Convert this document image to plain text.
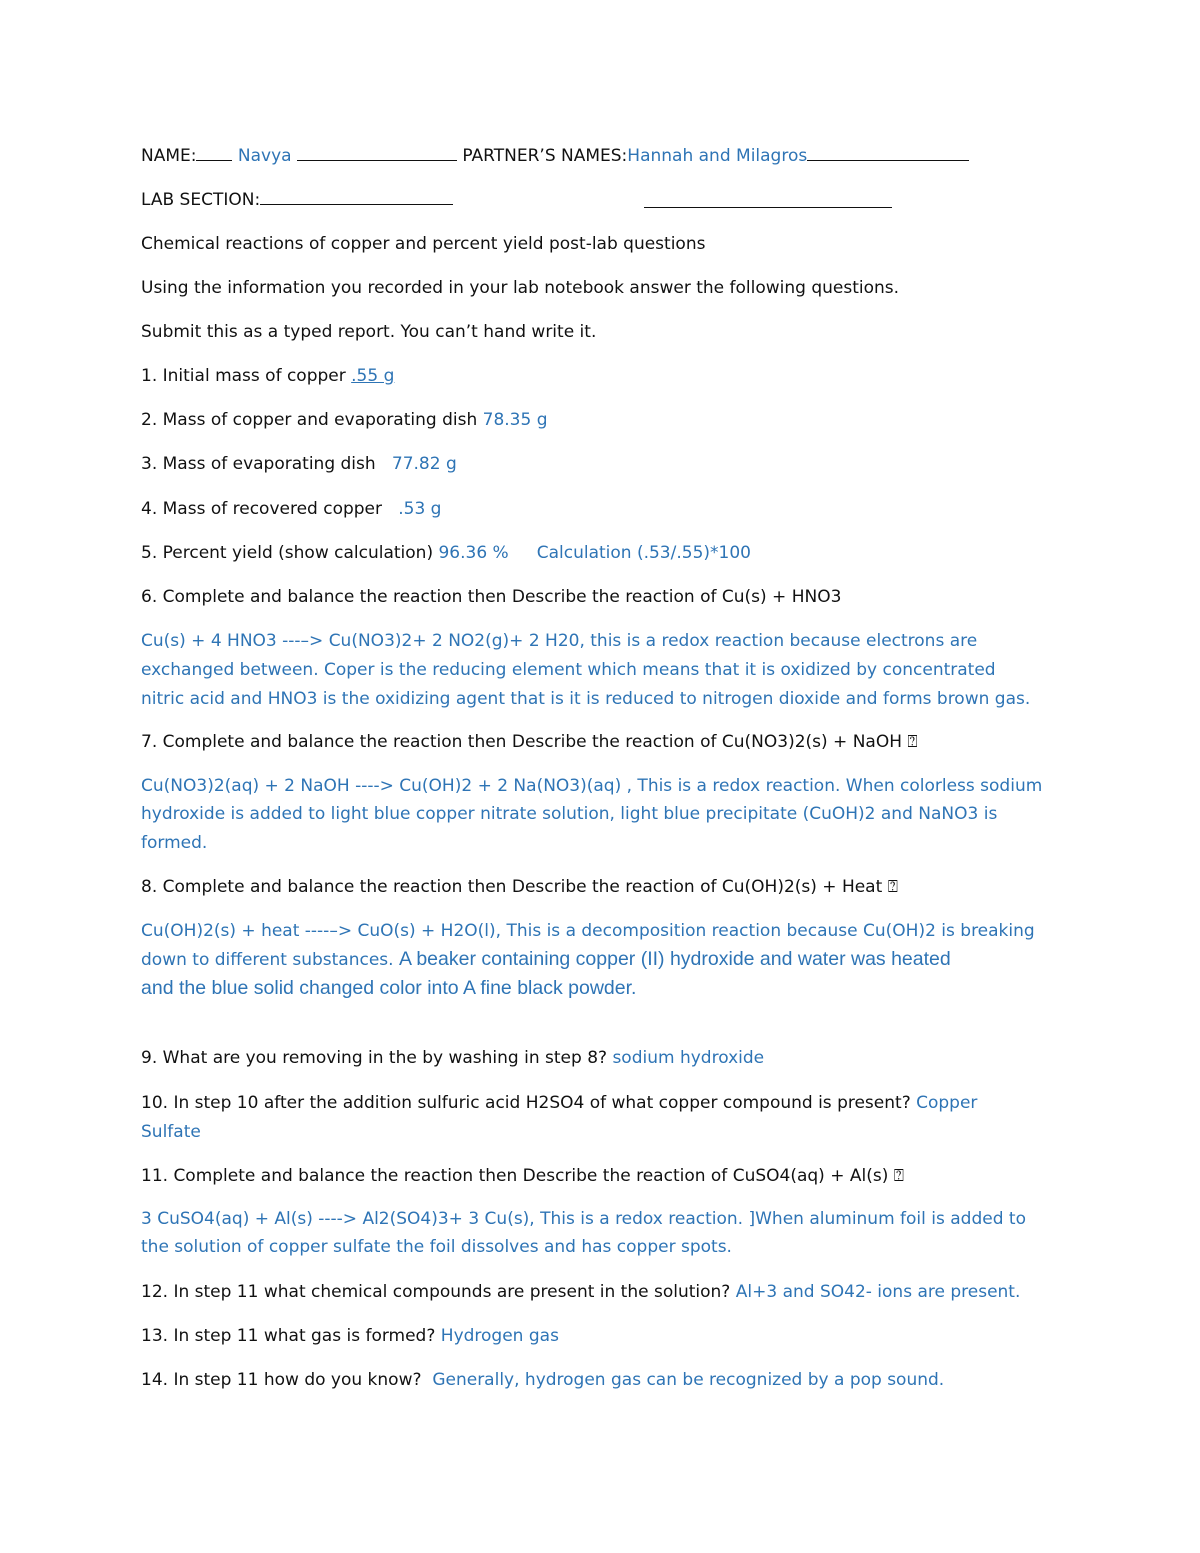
NAME: Navya	PARTNER’S NAMES:Hannah and Milagros
LAB SECTION:
Chemical reactions of copper and percent yield post-lab questions
Using the information you recorded in your lab notebook answer the following questions.
Submit this as a typed report. You can’t hand write it.
1. Initial mass of copper .55 g
2. Mass of copper and evaporating dish 78.35 g
3. Mass of evaporating dish 77.82 g
4. Mass of recovered copper .53 g
5. Percent yield (show calculation) 96.36 % Calculation (.53/.55)*100
6. Complete and balance the reaction then Describe the reaction of Cu(s) + HNO3
Cu(s) + 4 HNO3 ---–> Cu(NO3)2+ 2 NO2(g)+ 2 H20, this is a redox reaction because electrons are
exchanged between. Coper is the reducing element which means that it is oxidized by concentrated
nitric acid and HNO3 is the oxidizing agent that is it is reduced to nitrogen dioxide and forms brown gas.
7. Complete and balance the reaction then Describe the reaction of Cu(NO3)2(s) + NaOH ⍰
Cu(NO3)2(aq) + 2 NaOH ----> Cu(OH)2 + 2 Na(NO3)(aq) , This is a redox reaction. When colorless sodium
hydroxide is added to light blue copper nitrate solution, light blue precipitate (CuOH)2 and NaNO3 is
formed.
8. Complete and balance the reaction then Describe the reaction of Cu(OH)2(s) + Heat ⍰
Cu(OH)2(s) + heat ----–> CuO(s) + H2O(l), This is a decomposition reaction because Cu(OH)2 is breaking
down to different substances. A beaker containing copper (II) hydroxide and water was heated
and the blue solid changed color into A fine black powder.
9. What are you removing in the by washing in step 8? sodium hydroxide
10. In step 10 after the addition sulfuric acid H2SO4 of what copper compound is present? Copper
Sulfate
11. Complete and balance the reaction then Describe the reaction of CuSO4(aq) + Al(s) ⍰
3 CuSO4(aq) + Al(s) ----> Al2(SO4)3+ 3 Cu(s), This is a redox reaction. ]When aluminum foil is added to
the solution of copper sulfate the foil dissolves and has copper spots.
12. In step 11 what chemical compounds are present in the solution? Al+3 and SO42- ions are present.
13. In step 11 what gas is formed? Hydrogen gas
14. In step 11 how do you know? Generally, hydrogen gas can be recognized by a pop sound.
